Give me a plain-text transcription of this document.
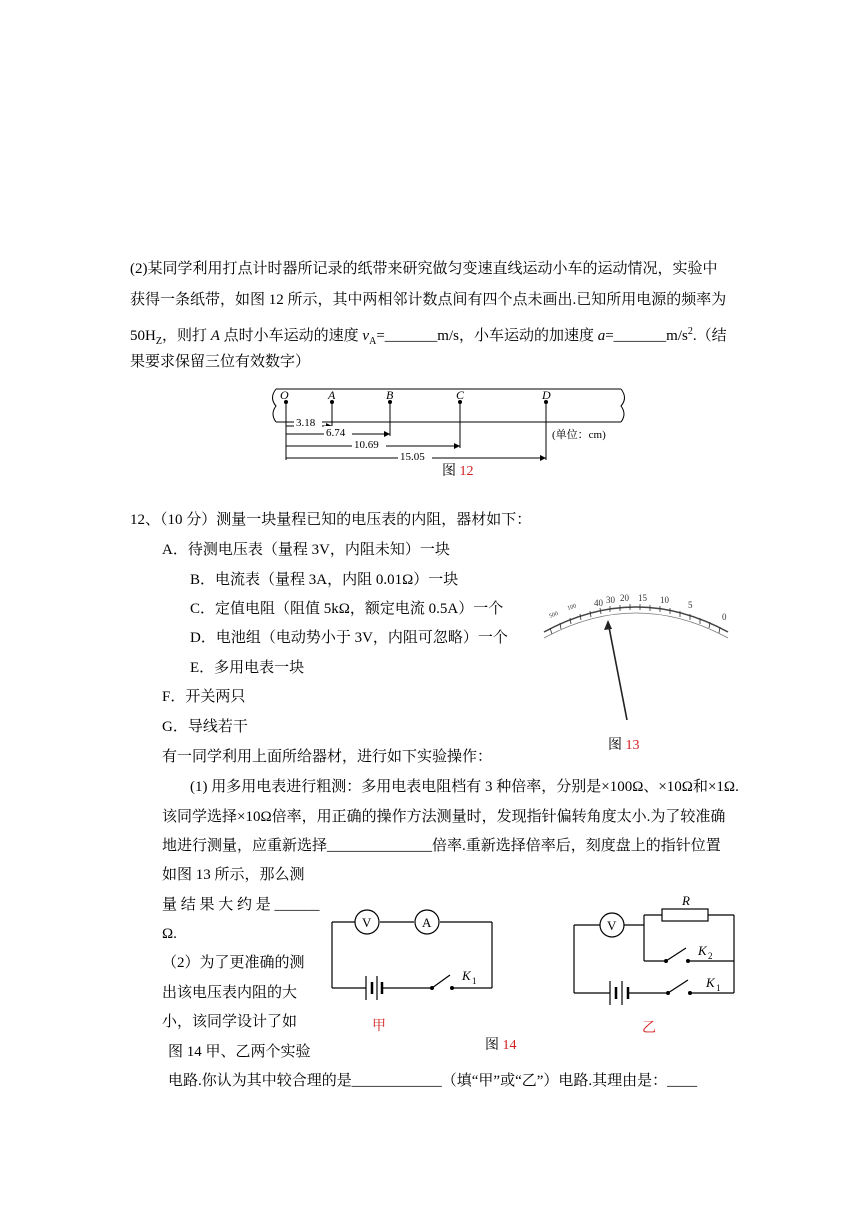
(2)某同学利用打点计时器所记录的纸带来研究做匀变速直线运动小车的运动情况，实验中
获得一条纸带，如图 12 所示，其中两相邻计数点间有四个点未画出.已知所用电源的频率为
$50H_Z$，则打 A 点时小车运动的速度 $v_A=\_\_\_\_\_\_\_m/s$，小车运动的加速度 $a=\_\_\_\_\_\_\_m/s^2$.（结
果要求保留三位有效数字）
O	A	B	C	D
3.18
6.74
10.69
15.05
(单位：cm)
图 12
12、（10 分）测量一块量程已知的电压表的内阻，器材如下：
A．待测电压表（量程 3V，内阻未知）一块
B．电流表（量程 3A，内阻 0.01Ω）一块
C．定值电阻（阻值 5kΩ，额定电流 0.5A）一个
D．电池组（电动势小于 3V，内阻可忽略）一个
E．多用电表一块
F．开关两只
G．导线若干
有一同学利用上面所给器材，进行如下实验操作：
500
100 40 30 20 15 10 5
0
图 13
(1) 用多用电表进行粗测：多用电表电阻档有 3 种倍率，分别是×100Ω、×10Ω和×1Ω.
该同学选择×10Ω倍率，用正确的操作方法测量时，发现指针偏转角度太小.为了较准确
地进行测量，应重新选择______________倍率.重新选择倍率后，刻度盘上的指针位置
如图 13 所示，那么测
量 结 果 大 约 是 ______
Ω.
（2）为了更准确的测
出该电压表内阻的大
小，该同学设计了如
图 14 甲、乙两个实验
电路.你认为其中较合理的是____________（填“甲”或“乙”）电路.其理由是：____
V	A
K 1
甲
V
R
K 2
K 1
乙
图 14
